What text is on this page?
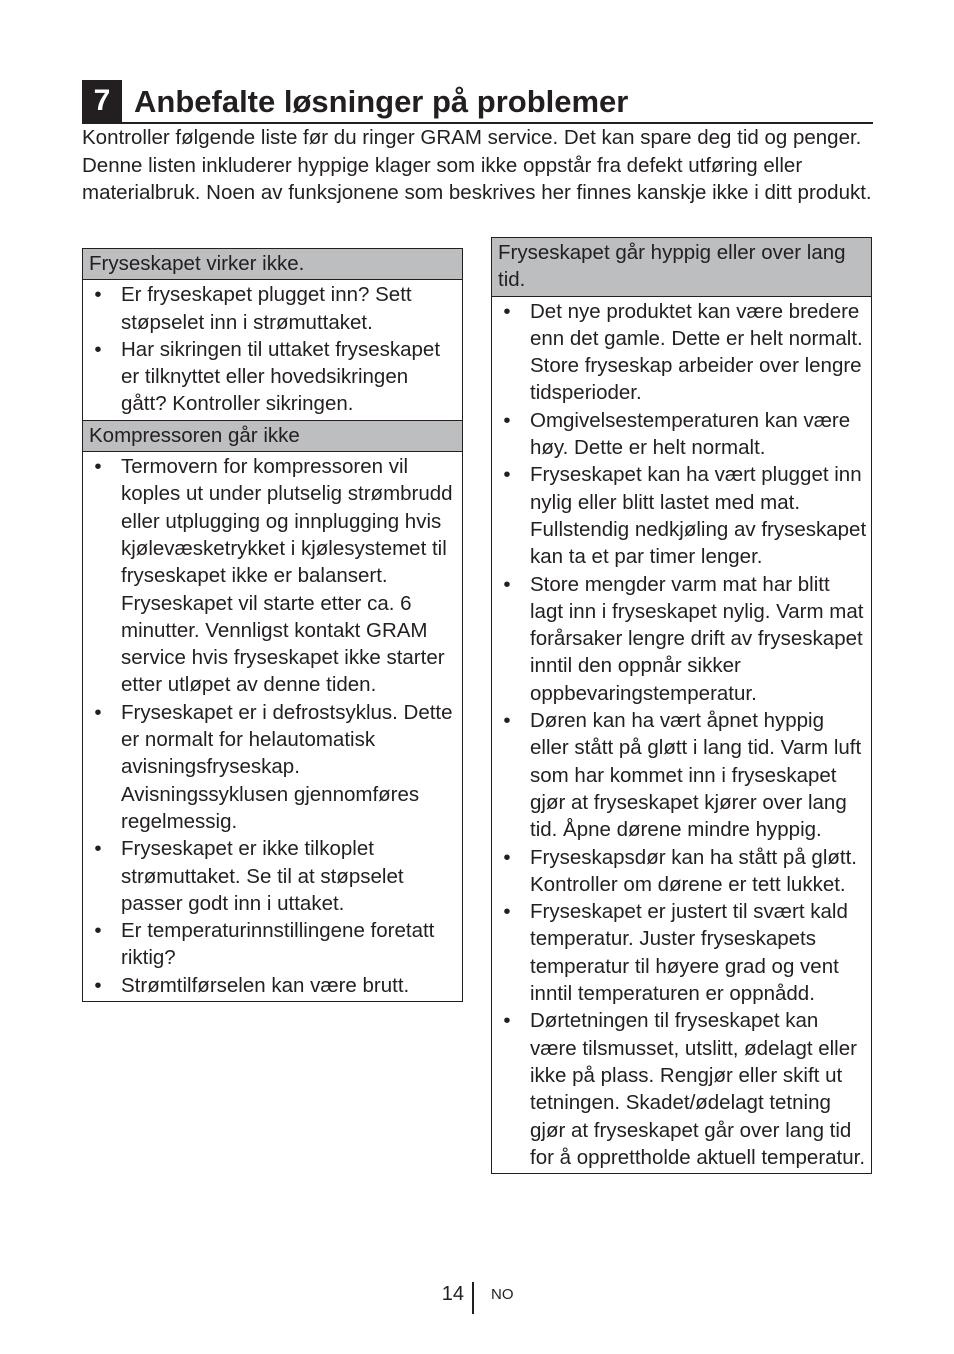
7 Anbefalte løsninger på problemer

Kontroller følgende liste før du ringer GRAM service. Det kan spare deg tid og penger. Denne listen inkluderer hyppige klager som ikke oppstår fra defekt utføring eller materialbruk. Noen av funksjonene som beskrives her finnes kanskje ikke i ditt produkt.

Fryseskapet virker ikke.
• Er fryseskapet plugget inn? Sett støpselet inn i strømuttaket.
• Har sikringen til uttaket fryseskapet er tilknyttet eller hovedsikringen gått? Kontroller sikringen.
Kompressoren går ikke
• Termovern for kompressoren vil koples ut under plutselig strømbrudd eller utplugging og innplugging hvis kjølevæsketrykket i kjølesystemet til fryseskapet ikke er balansert. Fryseskapet vil starte etter ca. 6 minutter. Vennligst kontakt GRAM service hvis fryseskapet ikke starter etter utløpet av denne tiden.
• Fryseskapet er i defrostsyklus. Dette er normalt for helautomatisk avisningsfryseskap. Avisningssyklusen gjennomføres regelmessig.
• Fryseskapet er ikke tilkoplet strømuttaket. Se til at støpselet passer godt inn i uttaket.
• Er temperaturinnstillingene foretatt riktig?
• Strømtilførselen kan være brutt.
Fryseskapet går hyppig eller over lang tid.
• Det nye produktet kan være bredere enn det gamle. Dette er helt normalt. Store fryseskap arbeider over lengre tidsperioder.
• Omgivelsestemperaturen kan være høy. Dette er helt normalt.
• Fryseskapet kan ha vært plugget inn nylig eller blitt lastet med mat. Fullstendig nedkjøling av fryseskapet kan ta et par timer lenger.
• Store mengder varm mat har blitt lagt inn i fryseskapet nylig. Varm mat forårsaker lengre drift av fryseskapet inntil den oppnår sikker oppbevaringstemperatur.
• Døren kan ha vært åpnet hyppig eller stått på gløtt i lang tid. Varm luft som har kommet inn i fryseskapet gjør at fryseskapet kjører over lang tid. Åpne dørene mindre hyppig.
• Fryseskapsdør kan ha stått på gløtt. Kontroller om dørene er tett lukket.
• Fryseskapet er justert til svært kald temperatur. Juster fryseskapets temperatur til høyere grad og vent inntil temperaturen er oppnådd.
• Dørtetningen til fryseskapet kan være tilsmusset, utslitt, ødelagt eller ikke på plass. Rengjør eller skift ut tetningen. Skadet/ødelagt tetning gjør at fryseskapet går over lang tid for å opprettholde aktuell temperatur.
14 NO
